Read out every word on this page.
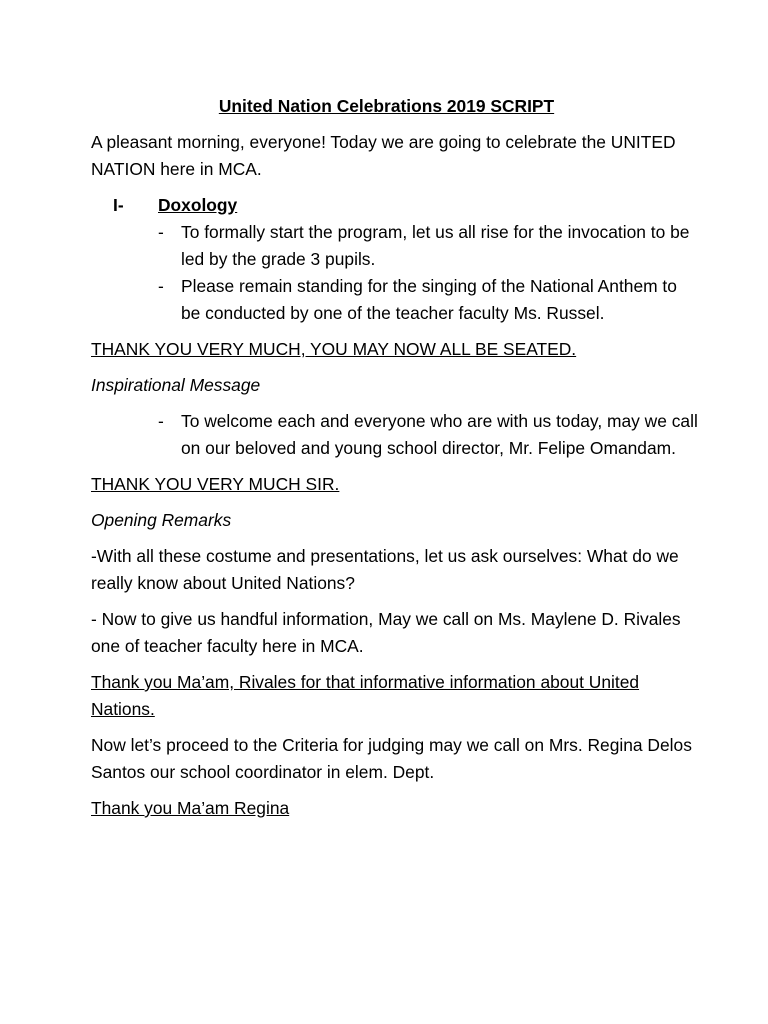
United Nation Celebrations 2019 SCRIPT

A pleasant morning, everyone! Today we are going to celebrate the UNITED NATION here in MCA.

I- Doxology
- To formally start the program, let us all rise for the invocation to be led by the grade 3 pupils.
- Please remain standing for the singing of the National Anthem to be conducted by one of the teacher faculty Ms. Russel.

THANK YOU VERY MUCH, YOU MAY NOW ALL BE SEATED.

Inspirational Message

- To welcome each and everyone who are with us today, may we call on our beloved and young school director, Mr. Felipe Omandam.

THANK YOU VERY MUCH SIR.

Opening Remarks

-With all these costume and presentations, let us ask ourselves: What do we really know about United Nations?

- Now to give us handful information, May we call on Ms. Maylene D. Rivales one of teacher faculty here in MCA.

Thank you Ma’am, Rivales for that informative information about United Nations.

Now let’s proceed to the Criteria for judging may we call on Mrs. Regina Delos Santos our school coordinator in elem. Dept.

Thank you Ma’am Regina
